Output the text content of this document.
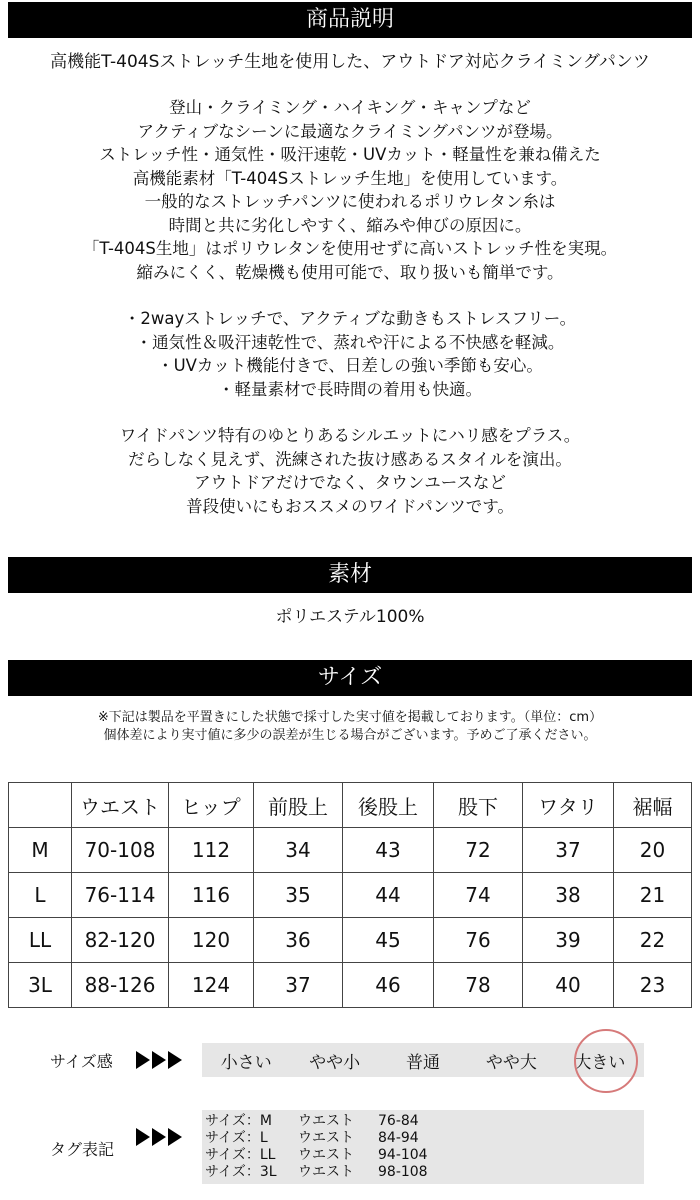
商品説明
高機能T-404Sストレッチ生地を使用した、アウトドア対応クライミングパンツ
登山・クライミング・ハイキング・キャンプなど
アクティブなシーンに最適なクライミングパンツが登場。
ストレッチ性・通気性・吸汗速乾・UVカット・軽量性を兼ね備えた
高機能素材「T-404Sストレッチ生地」を使用しています。
一般的なストレッチパンツに使われるポリウレタン糸は
時間と共に劣化しやすく、縮みや伸びの原因に。
「T-404S生地」はポリウレタンを使用せずに高いストレッチ性を実現。
縮みにくく、乾燥機も使用可能で、取り扱いも簡単です。
・2wayストレッチで、アクティブな動きもストレスフリー。
・通気性＆吸汗速乾性で、蒸れや汗による不快感を軽減。
・UVカット機能付きで、日差しの強い季節も安心。
・軽量素材で長時間の着用も快適。
ワイドパンツ特有のゆとりあるシルエットにハリ感をプラス。
だらしなく見えず、洗練された抜け感あるスタイルを演出。
アウトドアだけでなく、タウンユースなど
普段使いにもおススメのワイドパンツです。
素材
ポリエステル100%
サイズ
※下記は製品を平置きにした状態で採寸した実寸値を掲載しております。（単位：cm）
個体差により実寸値に多少の誤差が生じる場合がございます。予めご了承ください。
	ウエスト	ヒップ	前股上	後股上	股下	ワタリ	裾幅
M	70-108	112	34	43	72	37	20
L	76-114	116	35	44	74	38	21
LL	82-120	120	36	45	76	39	22
3L	88-126	124	37	46	78	40	23
サイズ感	小さい	やや小	普通	やや大	大きい
タグ表記
サイズ：M ウエスト 76-84
サイズ：L ウエスト 84-94
サイズ：LL ウエスト 94-104
サイズ：3L ウエスト 98-108
